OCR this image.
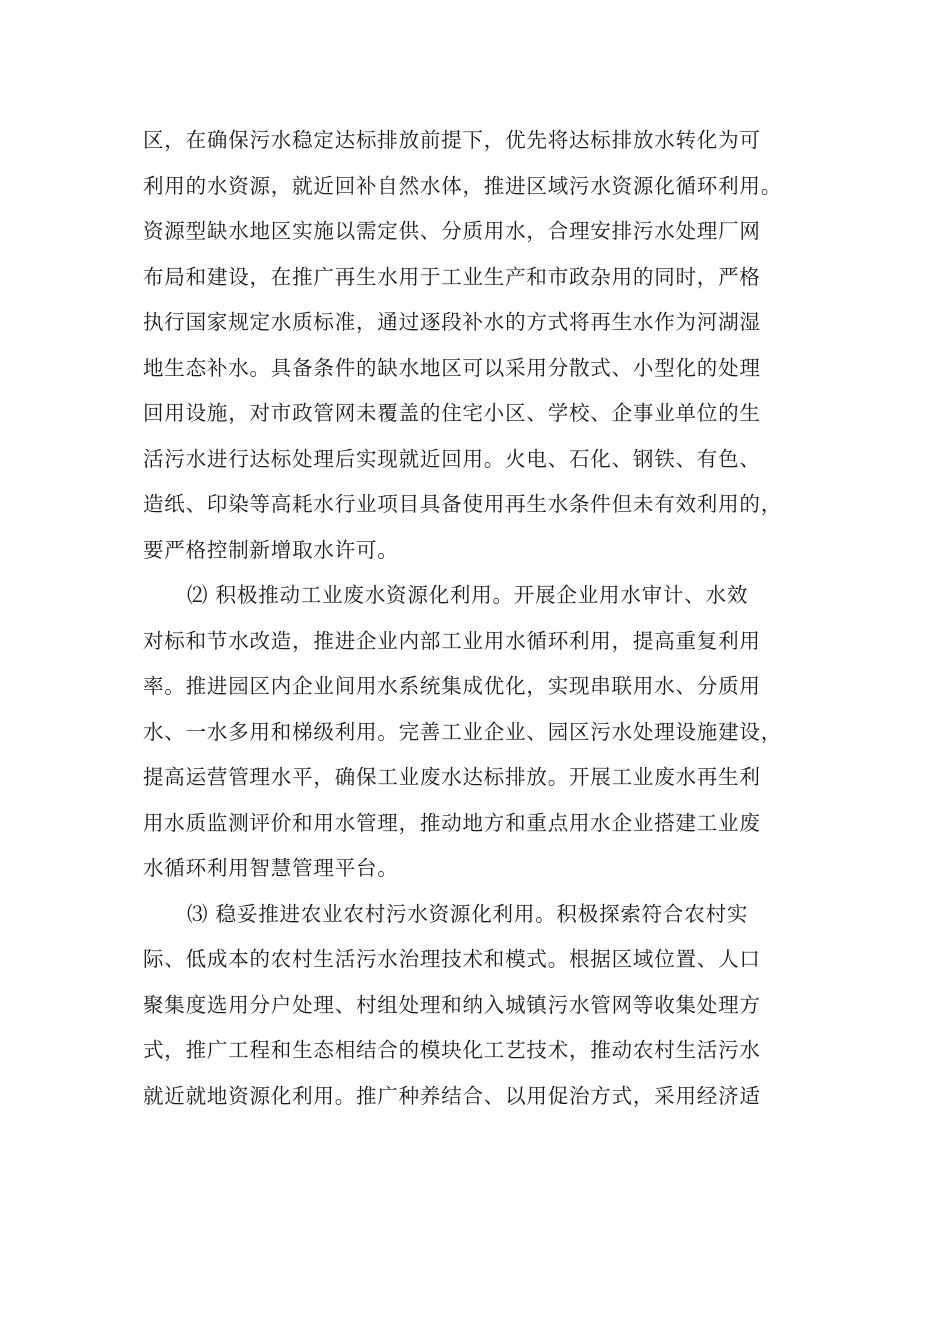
区，在确保污水稳定达标排放前提下，优先将达标排放水转化为可
利用的水资源，就近回补自然水体，推进区域污水资源化循环利用。
资源型缺水地区实施以需定供、分质用水，合理安排污水处理厂网
布局和建设，在推广再生水用于工业生产和市政杂用的同时，严格
执行国家规定水质标准，通过逐段补水的方式将再生水作为河湖湿
地生态补水。具备条件的缺水地区可以采用分散式、小型化的处理
回用设施，对市政管网未覆盖的住宅小区、学校、企事业单位的生
活污水进行达标处理后实现就近回用。火电、石化、钢铁、有色、
造纸、印染等高耗水行业项目具备使用再生水条件但未有效利用的，
要严格控制新增取水许可。
⑵ 积极推动工业废水资源化利用。开展企业用水审计、水效
对标和节水改造，推进企业内部工业用水循环利用，提高重复利用
率。推进园区内企业间用水系统集成优化，实现串联用水、分质用
水、一水多用和梯级利用。完善工业企业、园区污水处理设施建设，
提高运营管理水平，确保工业废水达标排放。开展工业废水再生利
用水质监测评价和用水管理，推动地方和重点用水企业搭建工业废
水循环利用智慧管理平台。
⑶ 稳妥推进农业农村污水资源化利用。积极探索符合农村实
际、低成本的农村生活污水治理技术和模式。根据区域位置、人口
聚集度选用分户处理、村组处理和纳入城镇污水管网等收集处理方
式，推广工程和生态相结合的模块化工艺技术，推动农村生活污水
就近就地资源化利用。推广种养结合、以用促治方式，采用经济适
